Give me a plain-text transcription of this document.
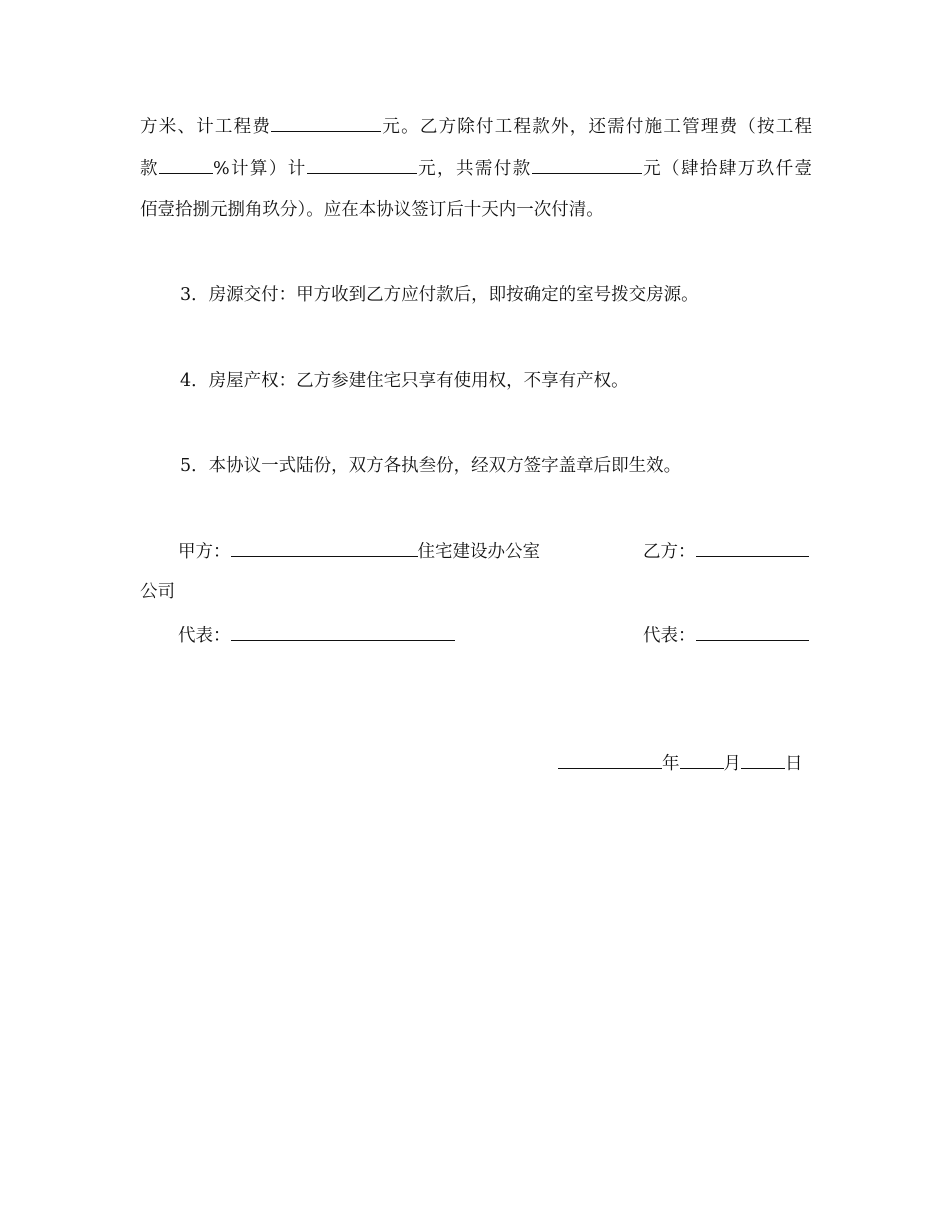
方米、计工程费	元。乙方除付工程款外，还需付施工管理费（按工程
款	%计算）计	元，共需付款	元（肆拾肆万玖仟壹
佰壹拾捌元捌角玖分）。应在本协议签订后十天内一次付清。
3．房源交付：甲方收到乙方应付款后，即按确定的室号拨交房源。
4．房屋产权：乙方参建住宅只享有使用权，不享有产权。
5．本协议一式陆份，双方各执叁份，经双方签字盖章后即生效。
甲方：	住宅建设办公室	乙方：
公司
代表：	代表：
年	月	日
